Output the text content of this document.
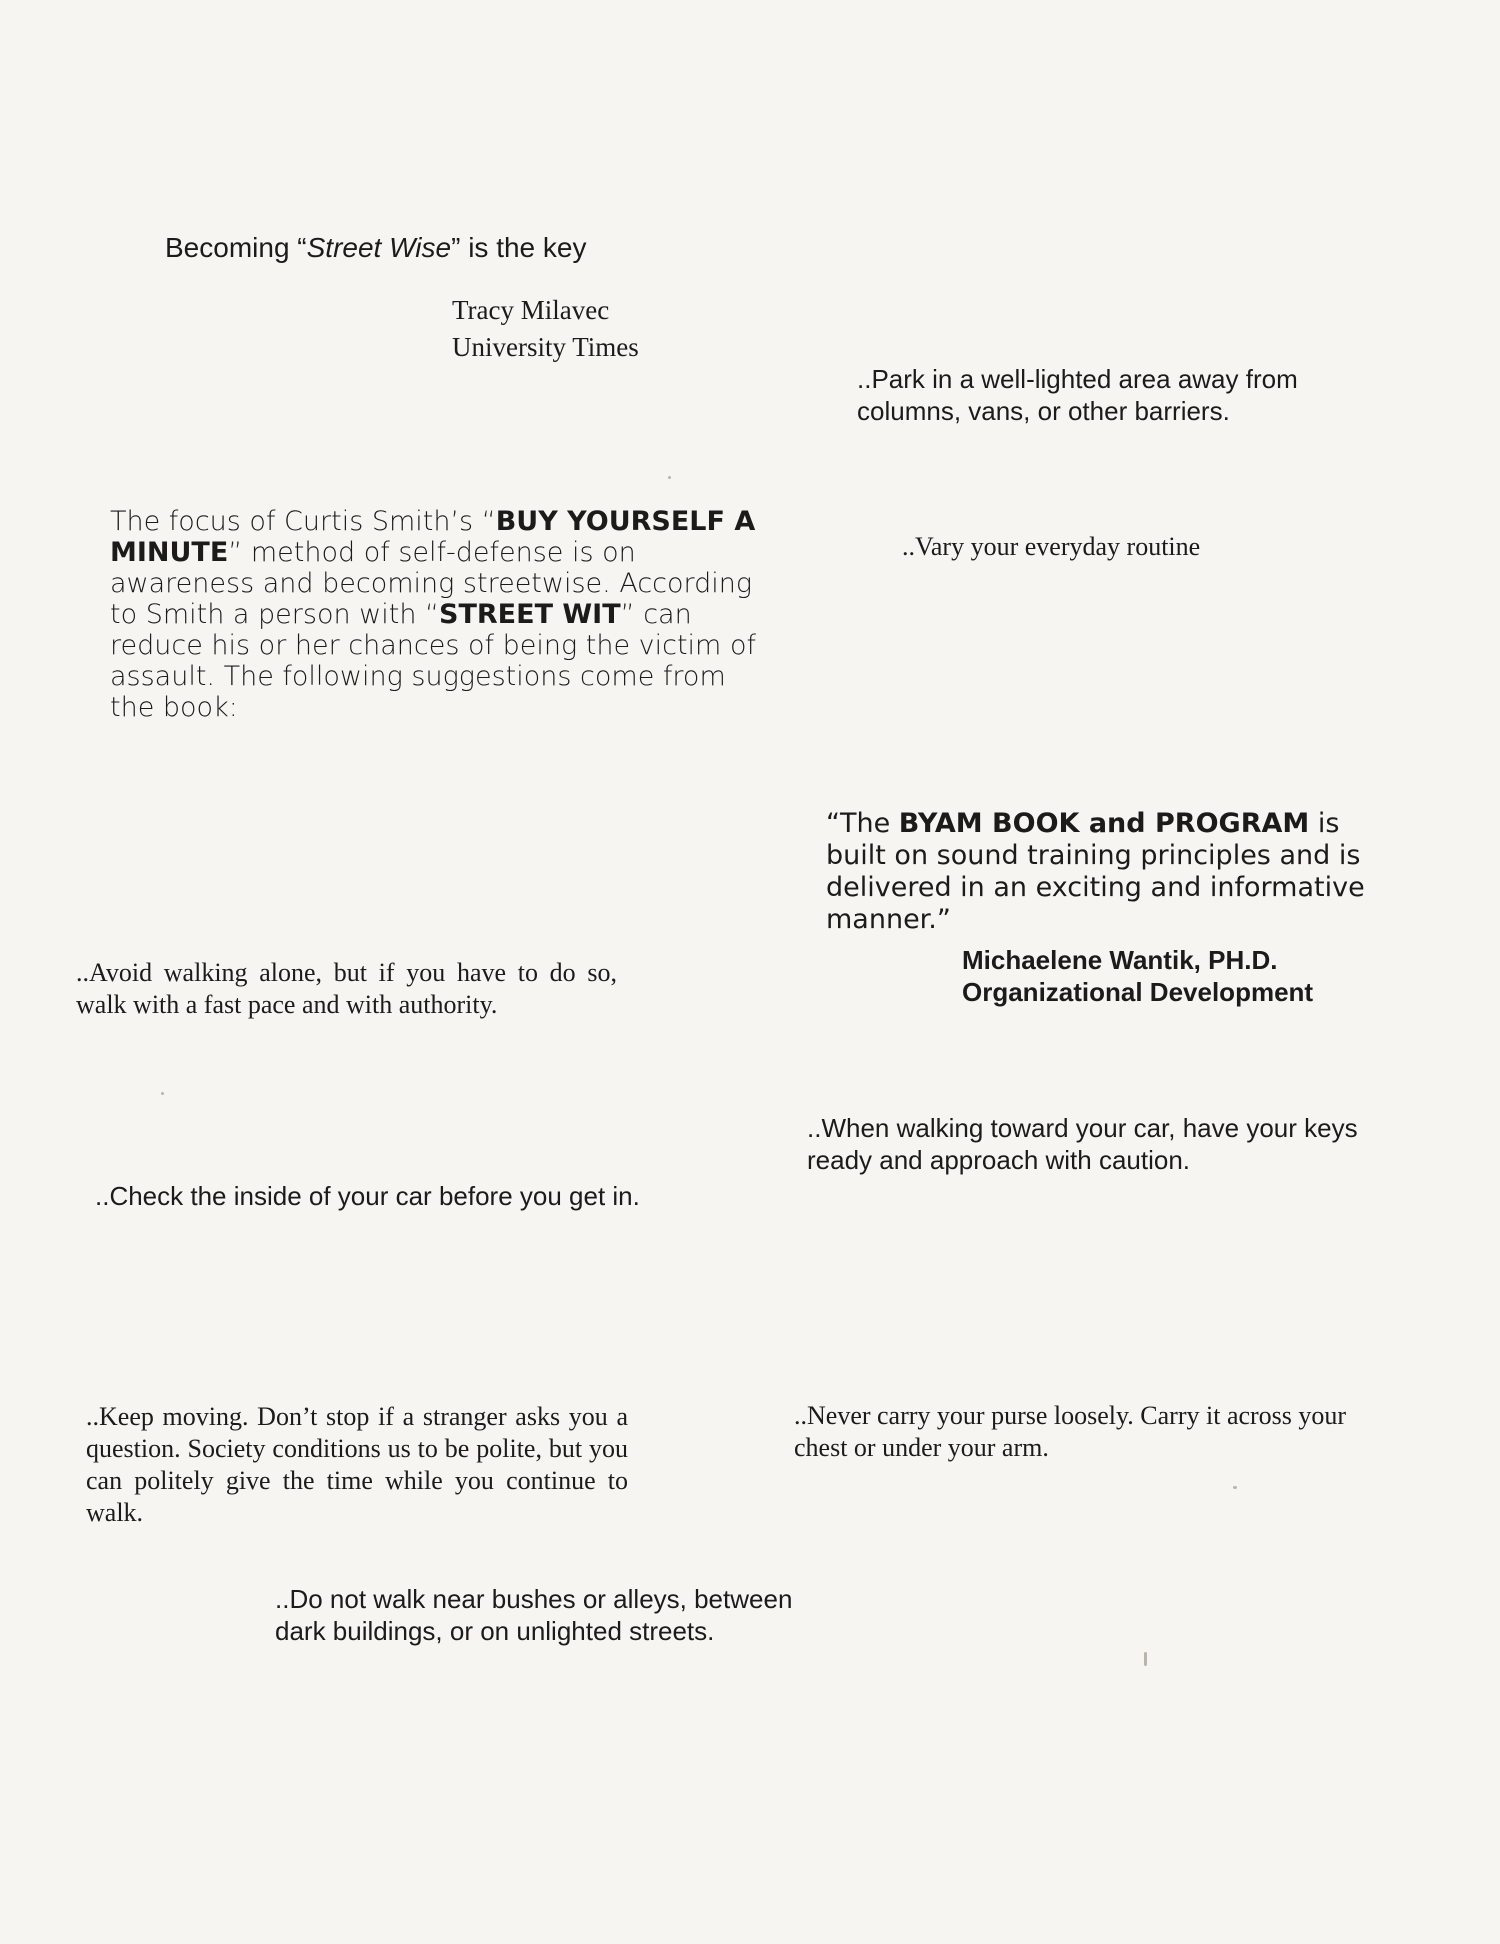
Becoming “Street Wise” is the key

Tracy Milavec
University Times

The focus of Curtis Smith’s “BUY YOURSELF A MINUTE” method of self-defense is on awareness and becoming streetwise. According to Smith a person with “STREET WIT” can reduce his or her chances of being the victim of assault. The following suggestions come from the book:

..Park in a well-lighted area away from columns, vans, or other barriers.

..Vary your everyday routine

“The BYAM BOOK and PROGRAM is built on sound training principles and is delivered in an exciting and informative manner.”

Michaelene Wantik, PH.D.
Organizational Development

..Avoid walking alone, but if you have to do so, walk with a fast pace and with authority.

..When walking toward your car, have your keys ready and approach with caution.

..Check the inside of your car before you get in.

..Keep moving. Don’t stop if a stranger asks you a question. Society conditions us to be polite, but you can politely give the time while you continue to walk.

..Never carry your purse loosely. Carry it across your chest or under your arm.

..Do not walk near bushes or alleys, between dark buildings, or on unlighted streets.
